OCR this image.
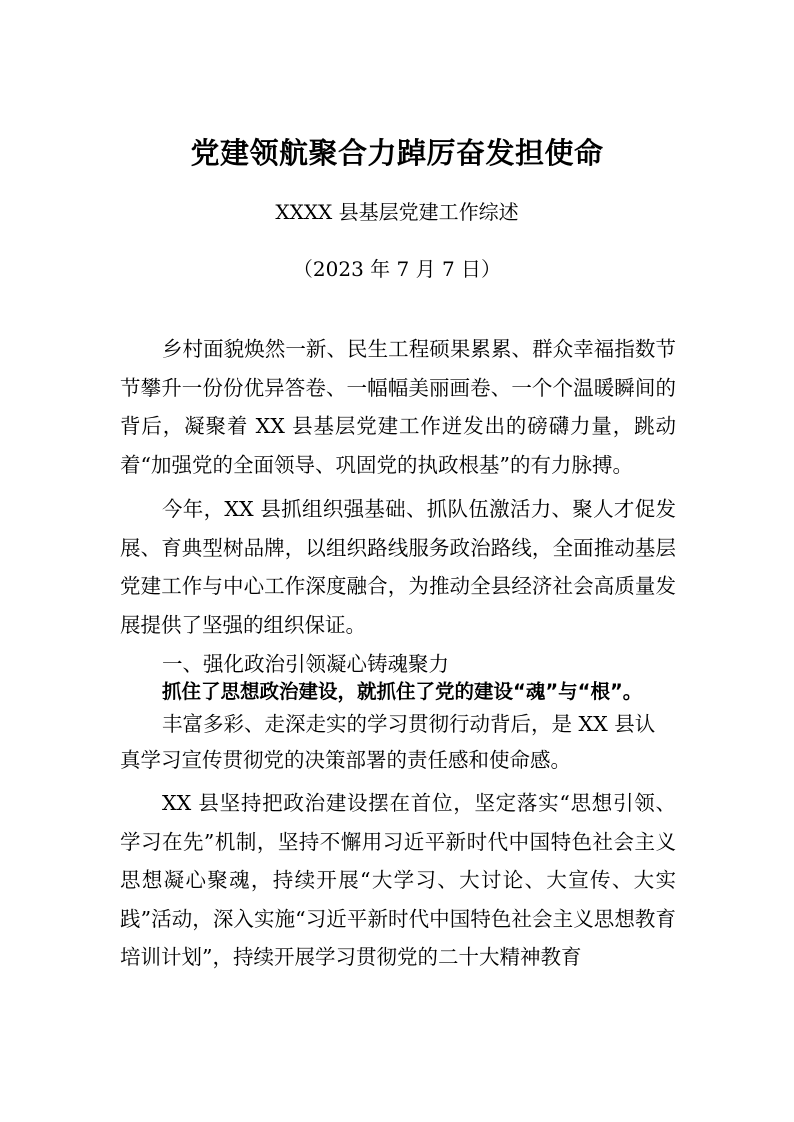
党建领航聚合力踔厉奋发担使命
XXXX 县基层党建工作综述
（2023 年 7 月 7 日）

乡村面貌焕然一新、民生工程硕果累累、群众幸福指数节节攀升一份份优异答卷、一幅幅美丽画卷、一个个温暖瞬间的背后，凝聚着 XX 县基层党建工作迸发出的磅礴力量，跳动着“加强党的全面领导、巩固党的执政根基”的有力脉搏。

今年，XX 县抓组织强基础、抓队伍激活力、聚人才促发展、育典型树品牌，以组织路线服务政治路线，全面推动基层党建工作与中心工作深度融合，为推动全县经济社会高质量发展提供了坚强的组织保证。

一、强化政治引领凝心铸魂聚力

抓住了思想政治建设，就抓住了党的建设“魂”与“根”。

丰富多彩、走深走实的学习贯彻行动背后，是 XX 县认
真学习宣传贯彻党的决策部署的责任感和使命感。

XX 县坚持把政治建设摆在首位，坚定落实“思想引领、学习在先”机制，坚持不懈用习近平新时代中国特色社会主义思想凝心聚魂，持续开展“大学习、大讨论、大宣传、大实践”活动，深入实施“习近平新时代中国特色社会主义思想教育培训计划”，持续开展学习贯彻党的二十大精神教育
